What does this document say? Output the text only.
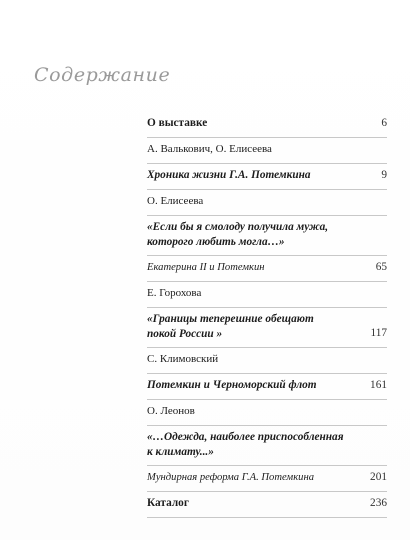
Содержание
О выставке	6
А. Валькович, О. Елисеева
Хроника жизни Г.А. Потемкина	9
О. Елисеева
«Если бы я смолоду получила мужа,
которого любить могла…»
Екатерина II и Потемкин	65
Е. Горохова
«Границы теперешние обещают
покой России »	117
С. Климовский
Потемкин и Черноморский флот	161
О. Леонов
«…Одежда, наиболее приспособленная
к климату...»
Мундирная реформа Г.А. Потемкина	201
Каталог	236
